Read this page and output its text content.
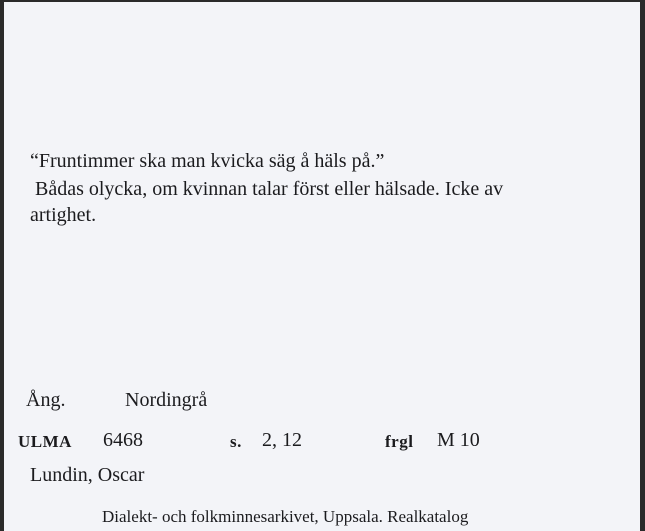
“Fruntimmer ska man kvicka säg å häls på.”
Bådas olycka, om kvinnan talar först eller hälsade. Icke av
artighet.
Ång.	Nordingrå
ULMA 6468	s. 2, 12	frgl M 10
Lundin, Oscar
Dialekt- och folkminnesarkivet, Uppsala. Realkatalog
